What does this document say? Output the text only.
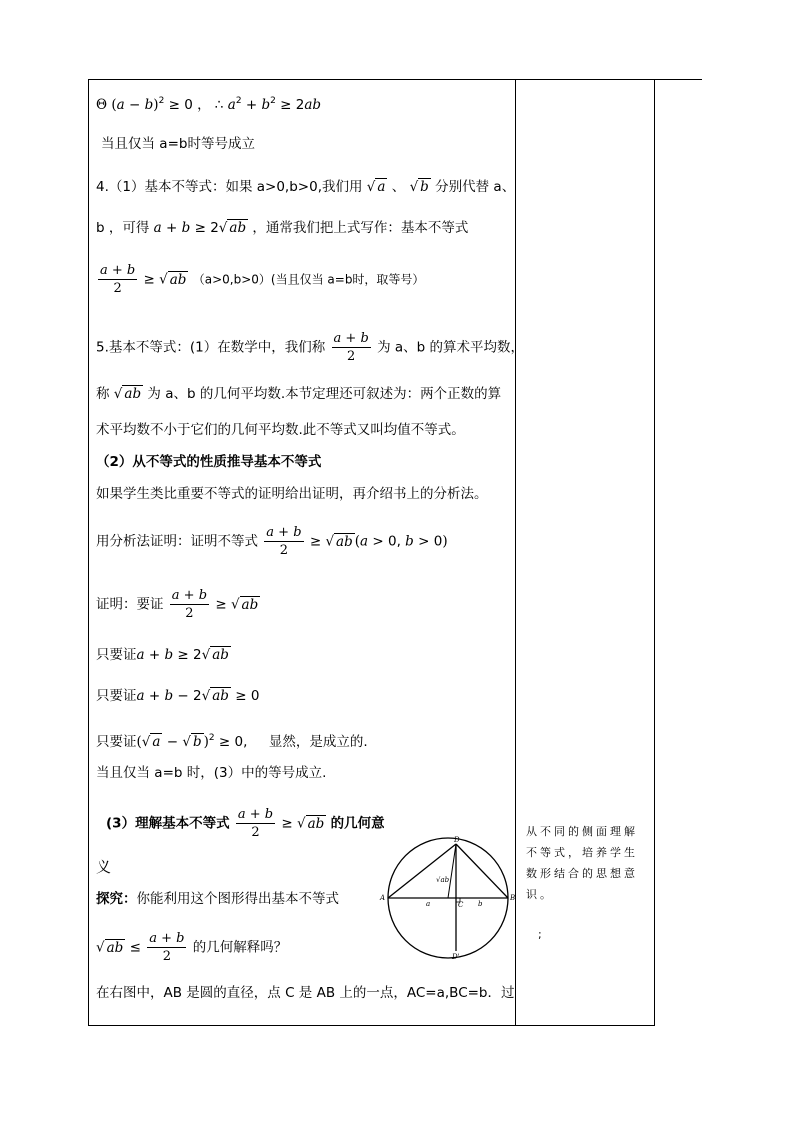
Θ $(a - b)^2 \ge 0$ ， ∴ $a^2 + b^2 \ge 2ab$
当且仅当 a=b时等号成立
4.（1）基本不等式：如果 a>0,b>0,我们用 √ a 、 √ b 分别代替 a、
b ，可得 a + b ≥ 2√ ab ，通常我们把上式写作：基本不等式
$\frac{a + b}{2}$ ≥ √ ab （a>0,b>0）(当且仅当 a=b时，取等号）
5.基本不等式：(1）在数学中，我们称 $\frac{a + b}{2}$ 为 a、b 的算术平均数，
称 √ ab 为 a、b 的几何平均数.本节定理还可叙述为：两个正数的算
术平均数不小于它们的几何平均数.此不等式又叫均值不等式。
（2）从不等式的性质推导基本不等式
如果学生类比重要不等式的证明给出证明，再介绍书上的分析法。
用分析法证明：证明不等式 $\frac{a + b}{2}$ ≥ √ ab (a > 0, b > 0)
证明：要证 $\frac{a + b}{2}$ ≥ √ ab
只要证a + b ≥ 2√ ab
只要证a + b − 2√ ab ≥ 0
只要证(√ a − √ b )$^2$ ≥ 0,     显然，是成立的.
当且仅当 a=b 时，(3）中的等号成立.
(3）理解基本不等式 $\frac{a + b}{2}$ ≥ √ ab 的几何意
义
探究：你能利用这个图形得出基本不等式
√ ab ≤ $\frac{a + b}{2}$ 的几何解释吗？
在右图中，AB 是圆的直径，点 C 是 AB 上的一点，AC=a,BC=b．过
从不同的侧面理解不等式，培养学生数形结合的思想意识。
;
A	B
C
D
D'
a	b
√ab
